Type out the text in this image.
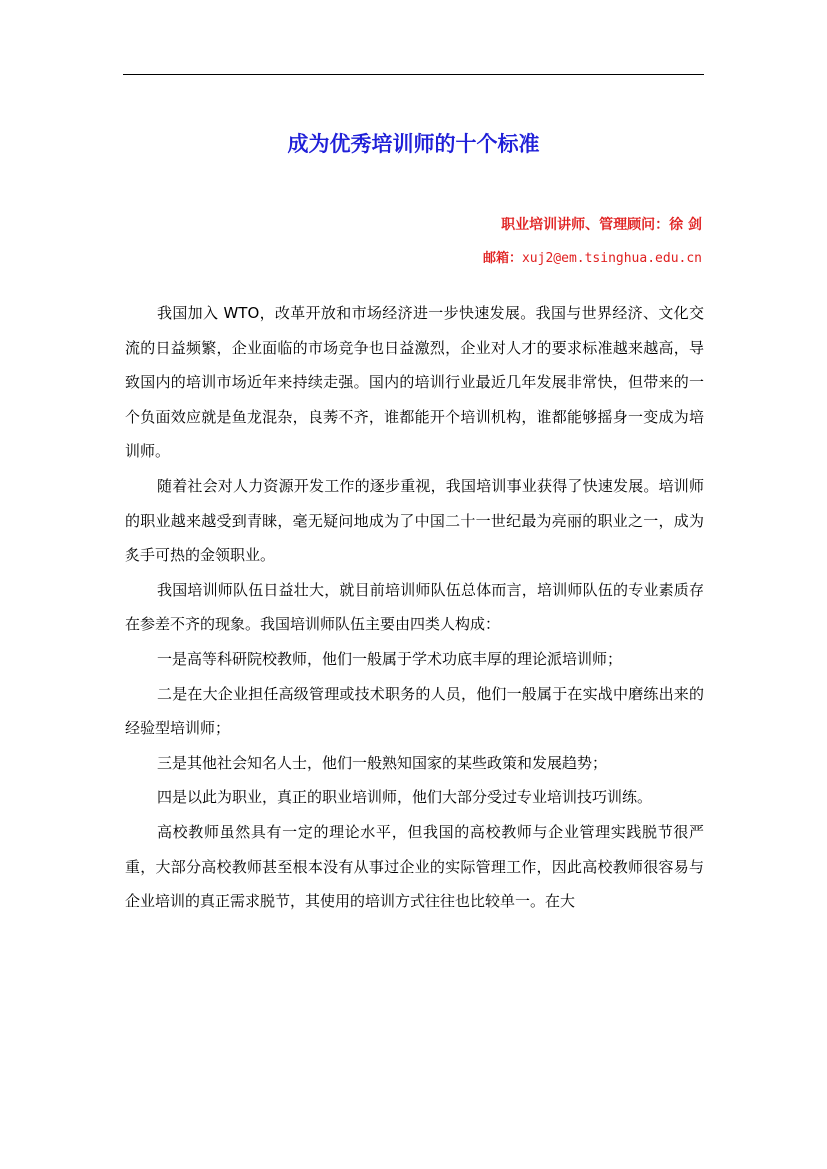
成为优秀培训师的十个标准
职业培训讲师、管理顾问：徐 剑
邮箱：xuj2@em.tsinghua.edu.cn

我国加入 WTO，改革开放和市场经济进一步快速发展。我国与世界经济、文化交流的日益频繁，企业面临的市场竞争也日益激烈，企业对人才的要求标准越来越高，导致国内的培训市场近年来持续走强。国内的培训行业最近几年发展非常快，但带来的一个负面效应就是鱼龙混杂，良莠不齐，谁都能开个培训机构，谁都能够摇身一变成为培训师。

随着社会对人力资源开发工作的逐步重视，我国培训事业获得了快速发展。培训师的职业越来越受到青睐，毫无疑问地成为了中国二十一世纪最为亮丽的职业之一，成为炙手可热的金领职业。

我国培训师队伍日益壮大，就目前培训师队伍总体而言，培训师队伍的专业素质存在参差不齐的现象。我国培训师队伍主要由四类人构成：

一是高等科研院校教师，他们一般属于学术功底丰厚的理论派培训师；

二是在大企业担任高级管理或技术职务的人员，他们一般属于在实战中磨练出来的经验型培训师；

三是其他社会知名人士，他们一般熟知国家的某些政策和发展趋势；

四是以此为职业，真正的职业培训师，他们大部分受过专业培训技巧训练。

高校教师虽然具有一定的理论水平，但我国的高校教师与企业管理实践脱节很严重，大部分高校教师甚至根本没有从事过企业的实际管理工作，因此高校教师很容易与企业培训的真正需求脱节，其使用的培训方式往往也比较单一。在大
